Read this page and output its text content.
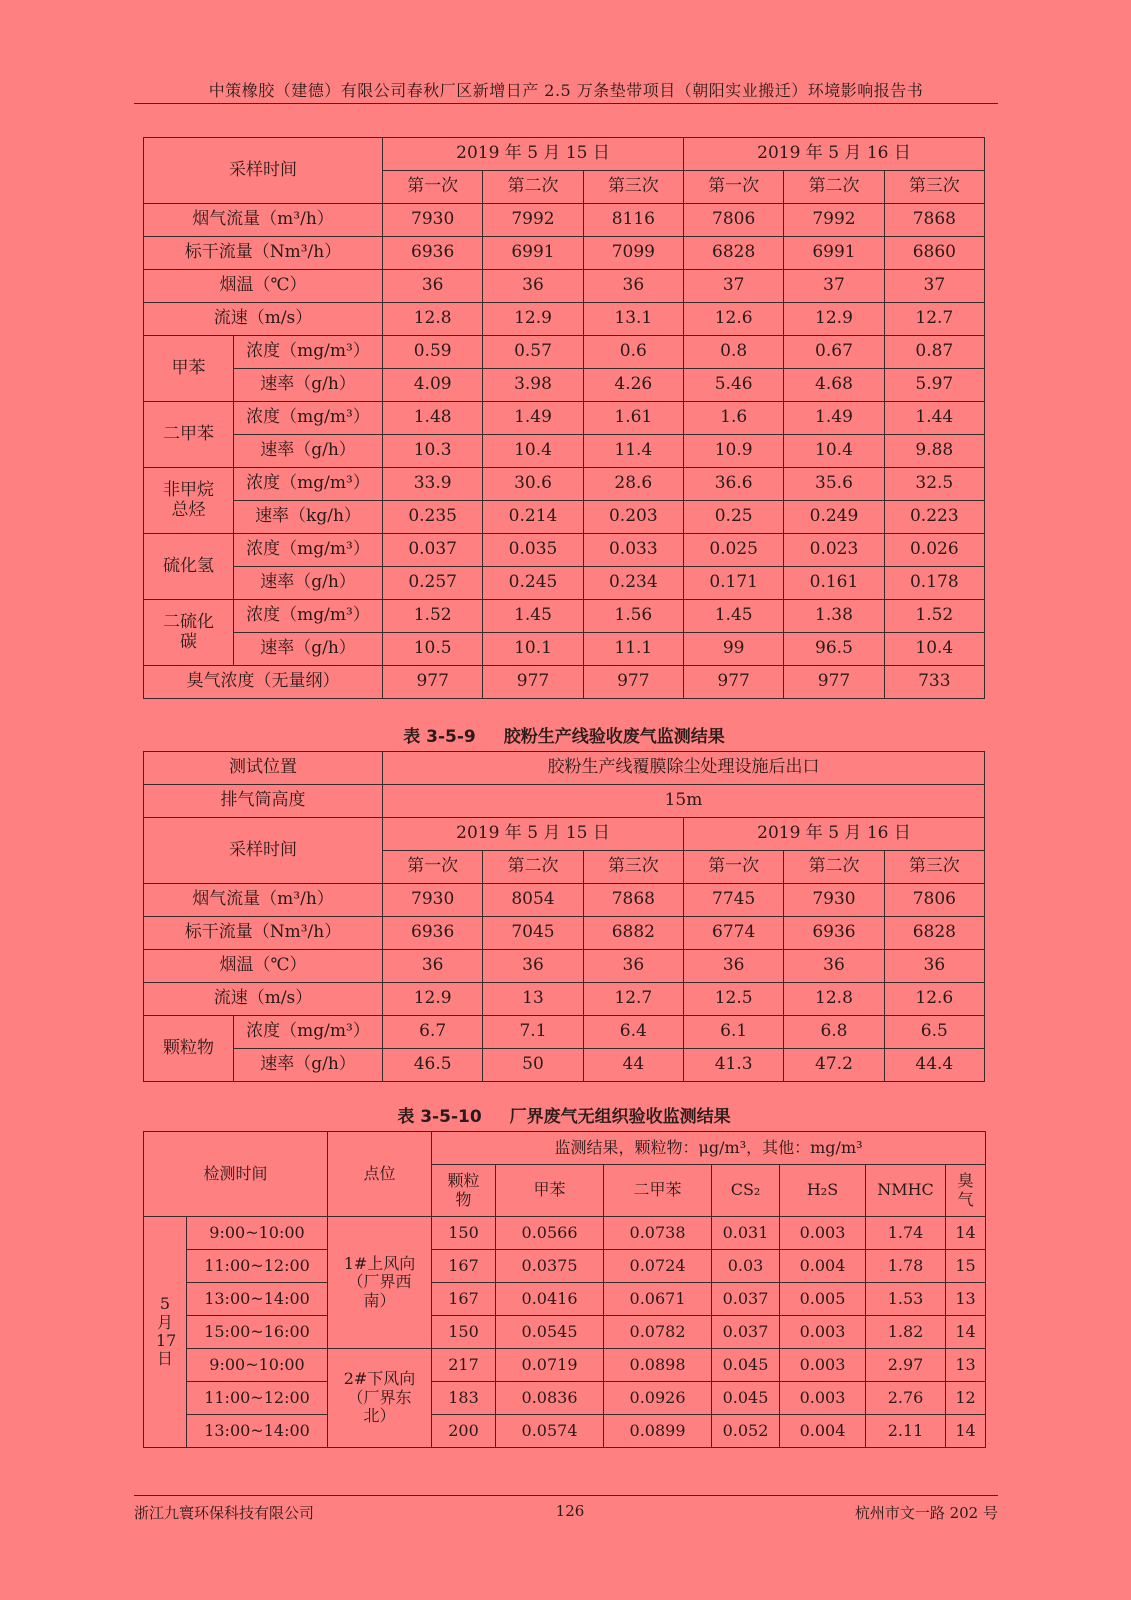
中策橡胶（建德）有限公司春秋厂区新增日产 2.5 万条垫带项目（朝阳实业搬迁）环境影响报告书
采样时间		2019 年 5 月 15 日			2019 年 5 月 16 日		
		第一次	第二次	第三次	第一次	第二次	第三次
烟气流量（m³/h）		7930	7992	8116	7806	7992	7868
标干流量（Nm³/h）		6936	6991	7099	6828	6991	6860
烟温（℃）		36	36	36	37	37	37
流速（m/s）		12.8	12.9	13.1	12.6	12.9	12.7
甲苯	浓度（mg/m³）	0.59	0.57	0.6	0.8	0.67	0.87
	速率（g/h）	4.09	3.98	4.26	5.46	4.68	5.97
二甲苯	浓度（mg/m³）	1.48	1.49	1.61	1.6	1.49	1.44
	速率（g/h）	10.3	10.4	11.4	10.9	10.4	9.88
非甲烷总烃	浓度（mg/m³）	33.9	30.6	28.6	36.6	35.6	32.5
	速率（kg/h）	0.235	0.214	0.203	0.25	0.249	0.223
硫化氢	浓度（mg/m³）	0.037	0.035	0.033	0.025	0.023	0.026
	速率（g/h）	0.257	0.245	0.234	0.171	0.161	0.178
二硫化碳	浓度（mg/m³）	1.52	1.45	1.56	1.45	1.38	1.52
	速率（g/h）	10.5	10.1	11.1	99	96.5	10.4
臭气浓度（无量纲）		977	977	977	977	977	733
表 3-5-9 胶粉生产线验收废气监测结果
测试位置		胶粉生产线覆膜除尘处理设施后出口					
排气筒高度		15m					
采样时间		2019 年 5 月 15 日			2019 年 5 月 16 日		
		第一次	第二次	第三次	第一次	第二次	第三次
烟气流量（m³/h）		7930	8054	7868	7745	7930	7806
标干流量（Nm³/h）		6936	7045	6882	6774	6936	6828
烟温（℃）		36	36	36	36	36	36
流速（m/s）		12.9	13	12.7	12.5	12.8	12.6
颗粒物	浓度（mg/m³）	6.7	7.1	6.4	6.1	6.8	6.5
	速率（g/h）	46.5	50	44	41.3	47.2	44.4
表 3-5-10 厂界废气无组织验收监测结果
检测时间		点位	监测结果，颗粒物：μg/m³，其他：mg/m³						
			颗粒物	甲苯	二甲苯	CS₂	H₂S	NMHC	臭气
5月17日	9:00~10:00	1#上风向（厂界西南）	150	0.0566	0.0738	0.031	0.003	1.74	14
	11:00~12:00		167	0.0375	0.0724	0.03	0.004	1.78	15
	13:00~14:00		167	0.0416	0.0671	0.037	0.005	1.53	13
	15:00~16:00		150	0.0545	0.0782	0.037	0.003	1.82	14
	9:00~10:00	2#下风向（厂界东北）	217	0.0719	0.0898	0.045	0.003	2.97	13
	11:00~12:00		183	0.0836	0.0926	0.045	0.003	2.76	12
	13:00~14:00		200	0.0574	0.0899	0.052	0.004	2.11	14
浙江九寰环保科技有限公司	126	杭州市文一路 202 号
